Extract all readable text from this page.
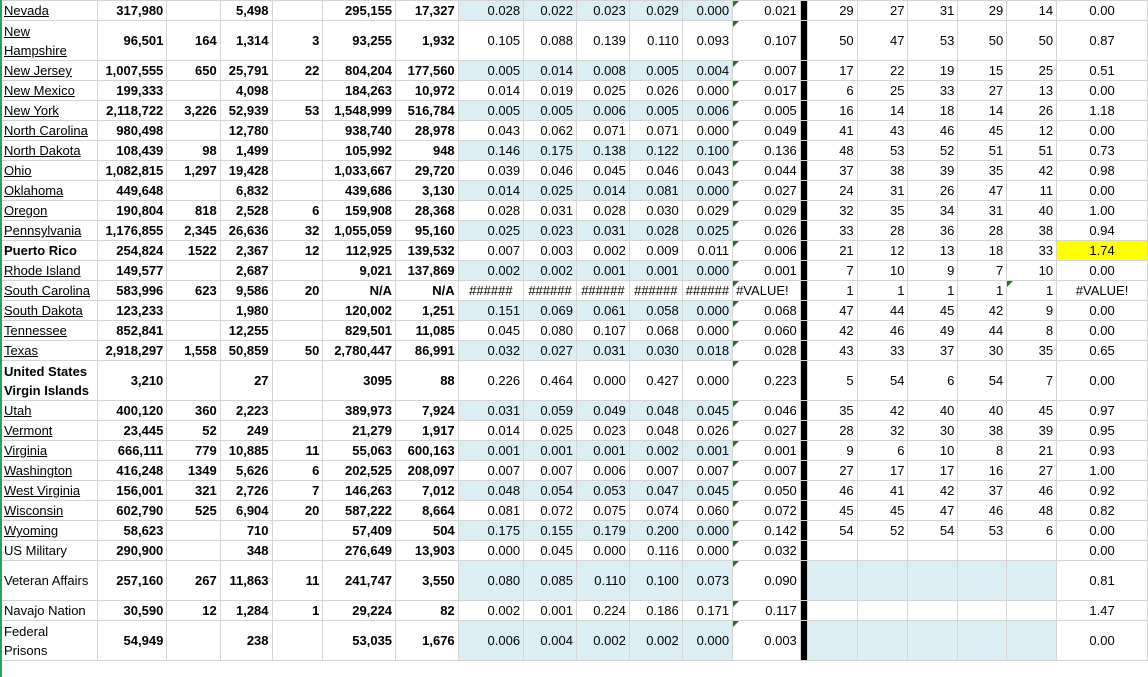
Nevada	317,980		5,498		295,155	17,327	0.028	0.022	0.023	0.029	0.000	0.021		29	27	31	29	14	0.00
New Hampshire	96,501	164	1,314	3	93,255	1,932	0.105	0.088	0.139	0.110	0.093	0.107		50	47	53	50	50	0.87
New Jersey	1,007,555	650	25,791	22	804,204	177,560	0.005	0.014	0.008	0.005	0.004	0.007		17	22	19	15	25	0.51
New Mexico	199,333		4,098		184,263	10,972	0.014	0.019	0.025	0.026	0.000	0.017		6	25	33	27	13	0.00
New York	2,118,722	3,226	52,939	53	1,548,999	516,784	0.005	0.005	0.006	0.005	0.006	0.005		16	14	18	14	26	1.18
North Carolina	980,498		12,780		938,740	28,978	0.043	0.062	0.071	0.071	0.000	0.049		41	43	46	45	12	0.00
North Dakota	108,439	98	1,499		105,992	948	0.146	0.175	0.138	0.122	0.100	0.136		48	53	52	51	51	0.73
Ohio	1,082,815	1,297	19,428		1,033,667	29,720	0.039	0.046	0.045	0.046	0.043	0.044		37	38	39	35	42	0.98
Oklahoma	449,648		6,832		439,686	3,130	0.014	0.025	0.014	0.081	0.000	0.027		24	31	26	47	11	0.00
Oregon	190,804	818	2,528	6	159,908	28,368	0.028	0.031	0.028	0.030	0.029	0.029		32	35	34	31	40	1.00
Pennsylvania	1,176,855	2,345	26,636	32	1,055,059	95,160	0.025	0.023	0.031	0.028	0.025	0.026		33	28	36	28	38	0.94
Puerto Rico	254,824	1522	2,367	12	112,925	139,532	0.007	0.003	0.002	0.009	0.011	0.006		21	12	13	18	33	1.74
Rhode Island	149,577		2,687		9,021	137,869	0.002	0.002	0.001	0.001	0.000	0.001		7	10	9	7	10	0.00
South Carolina	583,996	623	9,586	20	N/A	N/A	######	######	######	######	######	#VALUE!		1	1	1	1	1	#VALUE!
South Dakota	123,233		1,980		120,002	1,251	0.151	0.069	0.061	0.058	0.000	0.068		47	44	45	42	9	0.00
Tennessee	852,841		12,255		829,501	11,085	0.045	0.080	0.107	0.068	0.000	0.060		42	46	49	44	8	0.00
Texas	2,918,297	1,558	50,859	50	2,780,447	86,991	0.032	0.027	0.031	0.030	0.018	0.028		43	33	37	30	35	0.65
United States Virgin Islands	3,210		27		3095	88	0.226	0.464	0.000	0.427	0.000	0.223		5	54	6	54	7	0.00
Utah	400,120	360	2,223		389,973	7,924	0.031	0.059	0.049	0.048	0.045	0.046		35	42	40	40	45	0.97
Vermont	23,445	52	249		21,279	1,917	0.014	0.025	0.023	0.048	0.026	0.027		28	32	30	38	39	0.95
Virginia	666,111	779	10,885	11	55,063	600,163	0.001	0.001	0.001	0.002	0.001	0.001		9	6	10	8	21	0.93
Washington	416,248	1349	5,626	6	202,525	208,097	0.007	0.007	0.006	0.007	0.007	0.007		27	17	17	16	27	1.00
West Virginia	156,001	321	2,726	7	146,263	7,012	0.048	0.054	0.053	0.047	0.045	0.050		46	41	42	37	46	0.92
Wisconsin	602,790	525	6,904	20	587,222	8,664	0.081	0.072	0.075	0.074	0.060	0.072		45	45	47	46	48	0.82
Wyoming	58,623		710		57,409	504	0.175	0.155	0.179	0.200	0.000	0.142		54	52	54	53	6	0.00
US Military	290,900		348		276,649	13,903	0.000	0.045	0.000	0.116	0.000	0.032							0.00
Veteran Affairs	257,160	267	11,863	11	241,747	3,550	0.080	0.085	0.110	0.100	0.073	0.090							0.81
Navajo Nation	30,590	12	1,284	1	29,224	82	0.002	0.001	0.224	0.186	0.171	0.117							1.47
Federal Prisons	54,949		238		53,035	1,676	0.006	0.004	0.002	0.002	0.000	0.003							0.00
